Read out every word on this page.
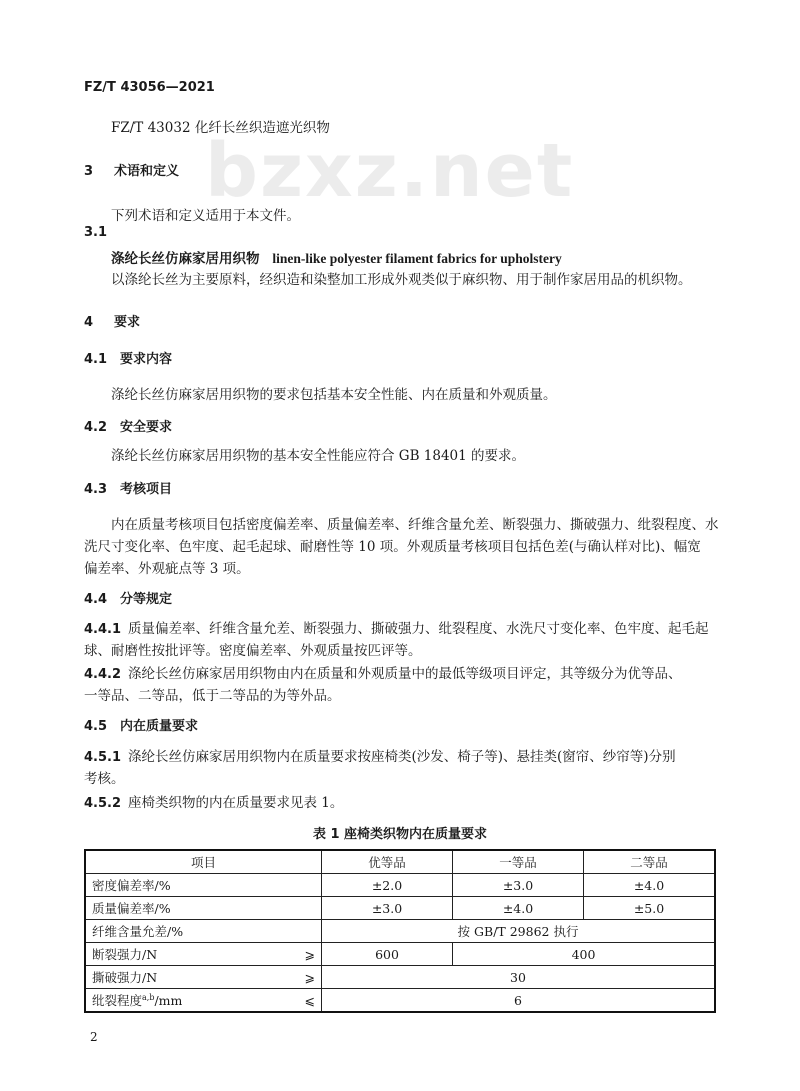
FZ/T 43056—2021
bzxz.net
FZ/T 43032 化纤长丝织造遮光织物
3 术语和定义
下列术语和定义适用于本文件。
3.1
涤纶长丝仿麻家居用织物 linen-like polyester filament fabrics for upholstery
以涤纶长丝为主要原料，经织造和染整加工形成外观类似于麻织物、用于制作家居用品的机织物。
4 要求
4.1 要求内容
涤纶长丝仿麻家居用织物的要求包括基本安全性能、内在质量和外观质量。
4.2 安全要求
涤纶长丝仿麻家居用织物的基本安全性能应符合 GB 18401 的要求。
4.3 考核项目
内在质量考核项目包括密度偏差率、质量偏差率、纤维含量允差、断裂强力、撕破强力、纰裂程度、水
洗尺寸变化率、色牢度、起毛起球、耐磨性等 10 项。外观质量考核项目包括色差(与确认样对比)、幅宽
偏差率、外观疵点等 3 项。
4.4 分等规定
4.4.1 质量偏差率、纤维含量允差、断裂强力、撕破强力、纰裂程度、水洗尺寸变化率、色牢度、起毛起
球、耐磨性按批评等。密度偏差率、外观质量按匹评等。
4.4.2 涤纶长丝仿麻家居用织物由内在质量和外观质量中的最低等级项目评定，其等级分为优等品、
一等品、二等品，低于二等品的为等外品。
4.5 内在质量要求
4.5.1 涤纶长丝仿麻家居用织物内在质量要求按座椅类(沙发、椅子等)、悬挂类(窗帘、纱帘等)分别
考核。
4.5.2 座椅类织物的内在质量要求见表 1。
表 1 座椅类织物内在质量要求
项目		优等品	一等品	二等品
密度偏差率/%		±2.0	±3.0	±4.0
质量偏差率/%		±3.0	±4.0	±5.0
纤维含量允差/%		按 GB/T 29862 执行		
断裂强力/N	⩾	600	400	
撕破强力/N	⩾	30		
纰裂程度$^{a,b}$/mm	⩽	6		
2
